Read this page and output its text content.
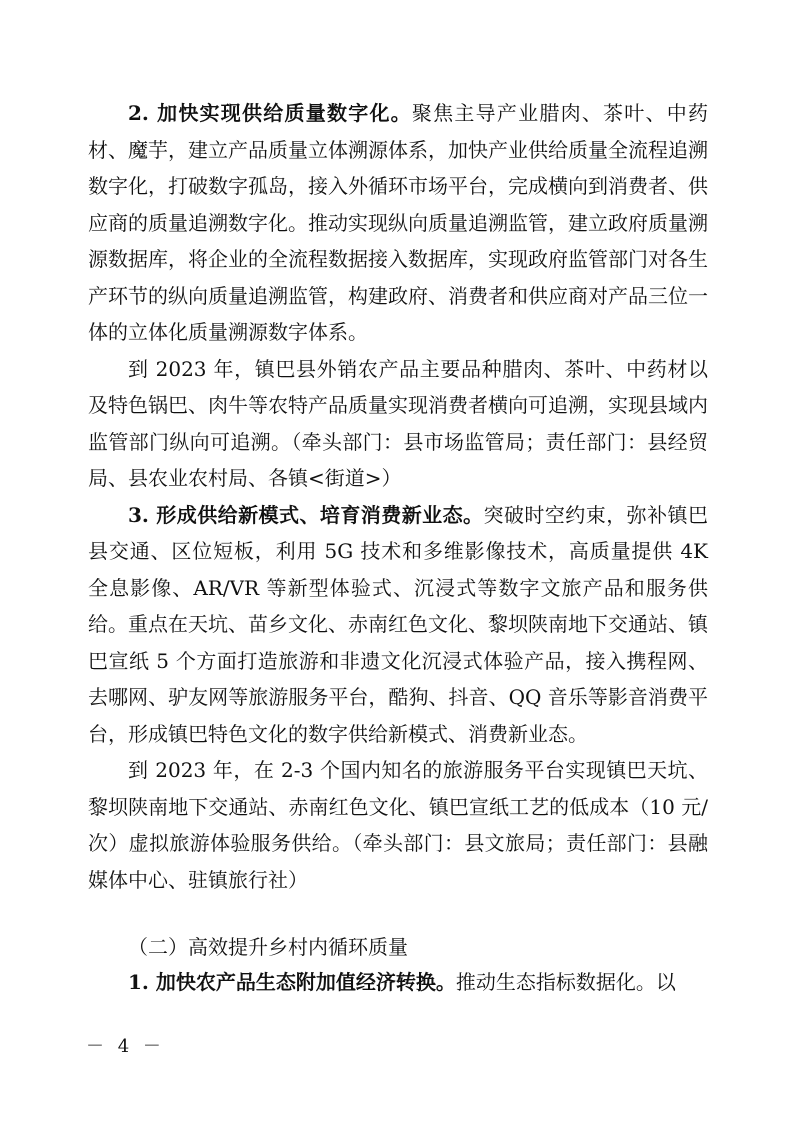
2. 加快实现供给质量数字化。聚焦主导产业腊肉、茶叶、中药材、魔芋，建立产品质量立体溯源体系，加快产业供给质量全流程追溯数字化，打破数字孤岛，接入外循环市场平台，完成横向到消费者、供应商的质量追溯数字化。推动实现纵向质量追溯监管，建立政府质量溯源数据库，将企业的全流程数据接入数据库，实现政府监管部门对各生产环节的纵向质量追溯监管，构建政府、消费者和供应商对产品三位一体的立体化质量溯源数字体系。

到 2023 年，镇巴县外销农产品主要品种腊肉、茶叶、中药材以及特色锅巴、肉牛等农特产品质量实现消费者横向可追溯，实现县域内监管部门纵向可追溯。（牵头部门：县市场监管局；责任部门：县经贸局、县农业农村局、各镇<街道>）

3. 形成供给新模式、培育消费新业态。突破时空约束，弥补镇巴县交通、区位短板，利用 5G 技术和多维影像技术，高质量提供 4K 全息影像、AR/VR 等新型体验式、沉浸式等数字文旅产品和服务供给。重点在天坑、苗乡文化、赤南红色文化、黎坝陕南地下交通站、镇巴宣纸 5 个方面打造旅游和非遗文化沉浸式体验产品，接入携程网、去哪网、驴友网等旅游服务平台，酷狗、抖音、QQ 音乐等影音消费平台，形成镇巴特色文化的数字供给新模式、消费新业态。

到 2023 年，在 2-3 个国内知名的旅游服务平台实现镇巴天坑、黎坝陕南地下交通站、赤南红色文化、镇巴宣纸工艺的低成本（10 元/次）虚拟旅游体验服务供给。（牵头部门：县文旅局；责任部门：县融媒体中心、驻镇旅行社）

（二）高效提升乡村内循环质量

1. 加快农产品生态附加值经济转换。推动生态指标数据化。以

－ 4 －
